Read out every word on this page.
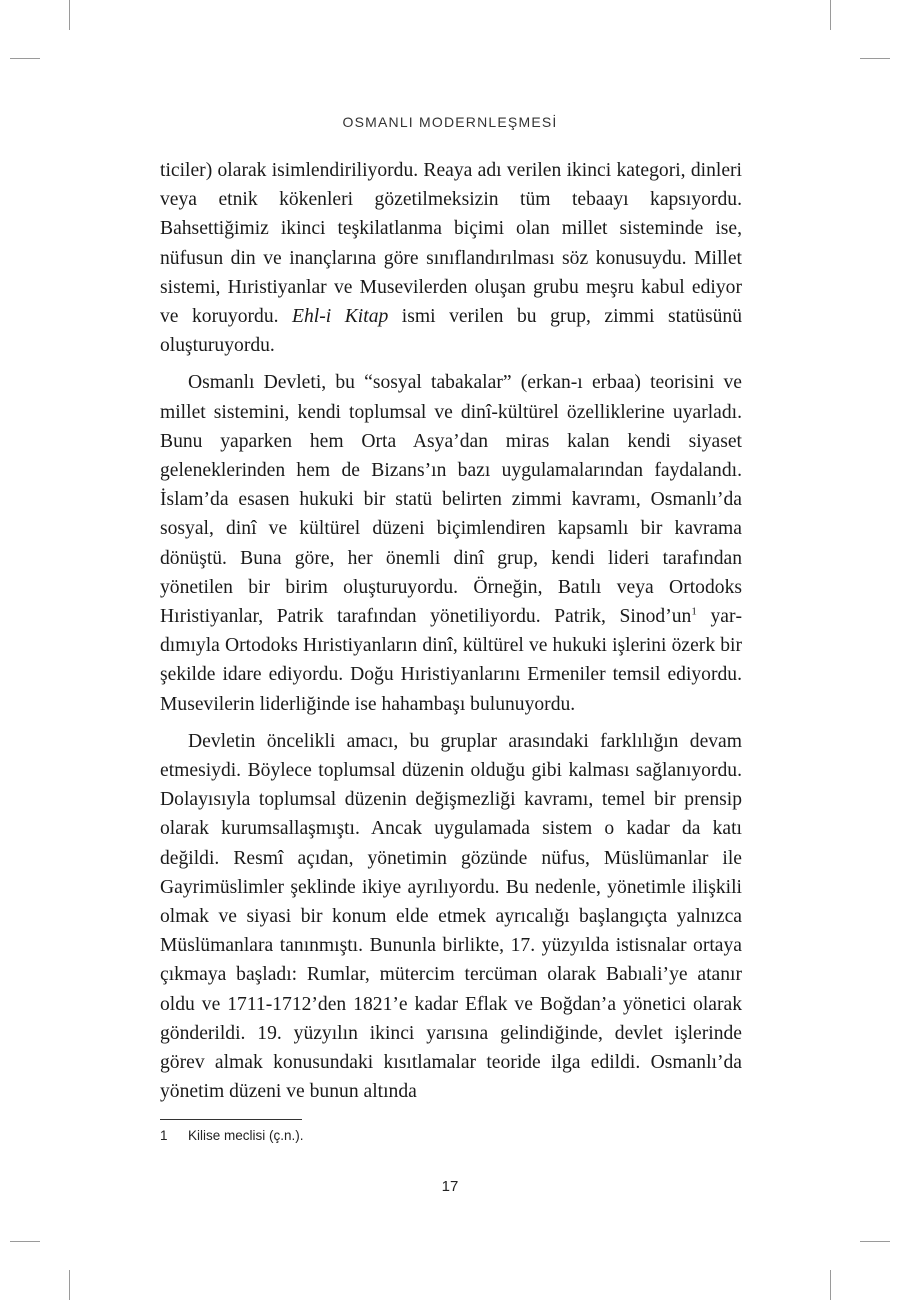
OSMANLI MODERNLEŞMESİ

ticiler) olarak isimlendiriliyordu. Reaya adı verilen ikinci kategori, dinleri veya etnik kökenleri gözetilmeksizin tüm tebaayı kapsıyordu. Bahsettiğimiz ikinci teşkilatlanma biçimi olan millet sisteminde ise, nüfusun din ve inançlarına göre sınıflandırılması söz konusuydu. Millet sistemi, Hıristiyanlar ve Musevilerden oluşan grubu meşru kabul ediyor ve koruyordu. Ehl-i Kitap ismi verilen bu grup, zimmi statüsünü oluşturuyordu.

Osmanlı Devleti, bu “sosyal tabakalar” (erkan-ı erbaa) teorisini ve millet sistemini, kendi toplumsal ve dinî-kültürel özelliklerine uyarladı. Bunu yaparken hem Orta Asya’dan miras kalan kendi siyaset geleneklerinden hem de Bizans’ın bazı uygulamalarından faydalandı. İslam’da esasen hukuki bir statü belirten zimmi kavramı, Osmanlı’da sosyal, dinî ve kültürel düzeni biçimlendiren kapsamlı bir kavrama dönüştü. Buna göre, her önemli dinî grup, kendi lideri tarafından yönetilen bir birim oluşturuyordu. Örneğin, Batılı veya Ortodoks Hıristiyanlar, Patrik tarafından yönetiliyordu. Patrik, $Sinod’un^1$ yardımıyla Ortodoks Hıristiyanların dinî, kültürel ve hukuki işlerini özerk bir şekilde idare ediyordu. Doğu Hıristiyanlarını Ermeniler temsil ediyordu. Musevilerin liderliğinde ise hahambaşı bulunuyordu.

Devletin öncelikli amacı, bu gruplar arasındaki farklılığın devam etmesiydi. Böylece toplumsal düzenin olduğu gibi kalması sağlanıyordu. Dolayısıyla toplumsal düzenin değişmezliği kavramı, temel bir prensip olarak kurumsallaşmıştı. Ancak uygulamada sistem o kadar da katı değildi. Resmî açıdan, yönetimin gözünde nüfus, Müslümanlar ile Gayrimüslimler şeklinde ikiye ayrılıyordu. Bu nedenle, yönetimle ilişkili olmak ve siyasi bir konum elde etmek ayrıcalığı başlangıçta yalnızca Müslümanlara tanınmıştı. Bununla birlikte, 17. yüzyılda istisnalar ortaya çıkmaya başladı: Rumlar, mütercim tercüman olarak Babıali’ye atanır oldu ve 1711-1712’den 1821’e kadar Eflak ve Boğdan’a yönetici olarak gönderildi. 19. yüzyılın ikinci yarısına gelindiğinde, devlet işlerinde görev almak konusundaki kısıtlamalar teoride ilga edildi. Osmanlı’da yönetim düzeni ve bunun altında

1 Kilise meclisi (ç.n.).
17
